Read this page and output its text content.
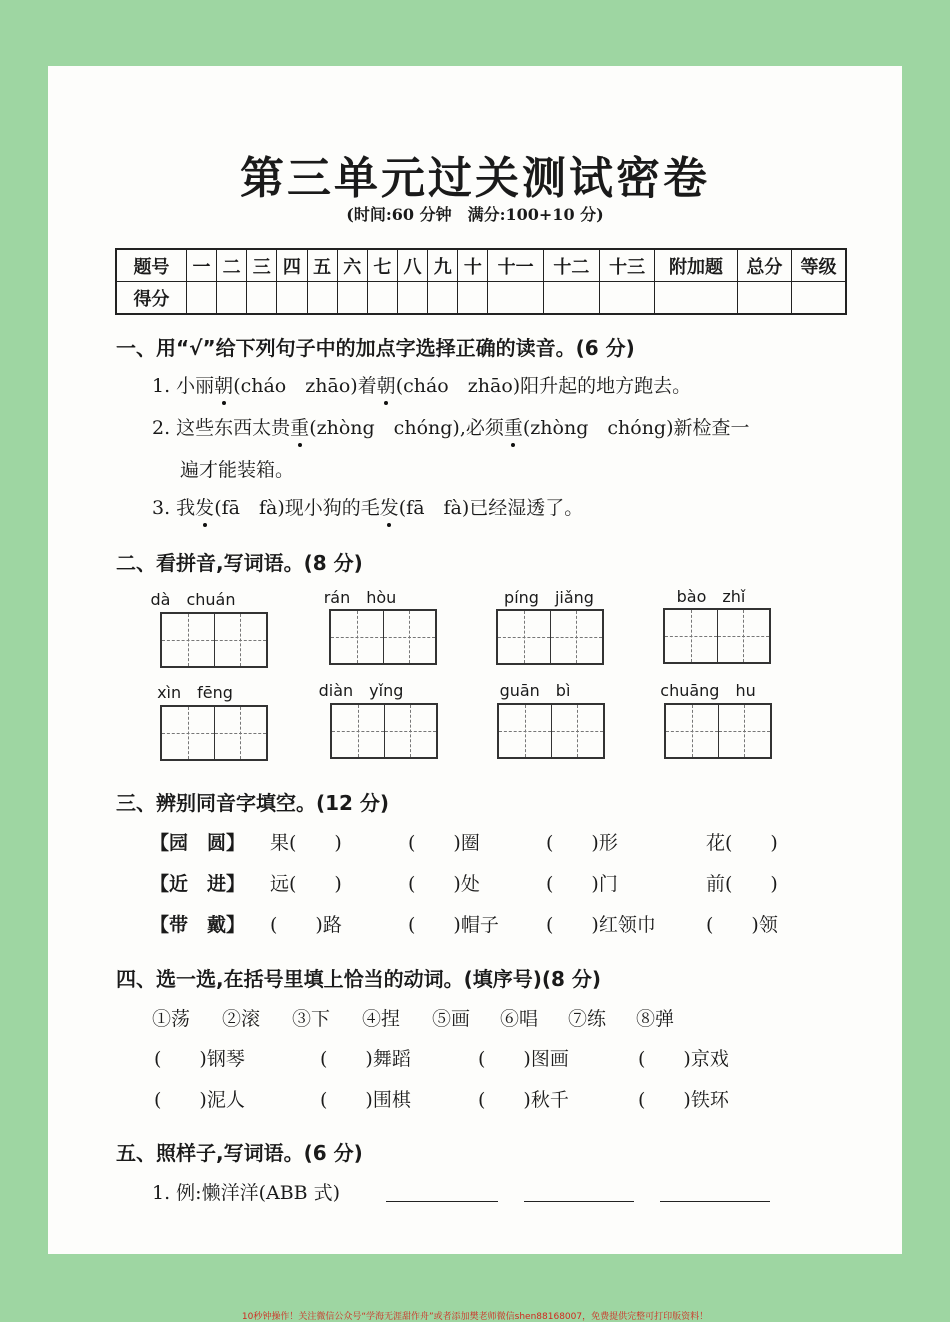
第三单元过关测试密卷
(时间:60 分钟　满分:100+10 分)
题号	一	二	三	四	五	六	七	八	九	十	十一	十二	十三	附加题	总分	等级
得分																
一、用“√”给下列句子中的加点字选择正确的读音。(6 分)
1. 小丽朝(cháo　zhāo)着朝(cháo　zhāo)阳升起的地方跑去。
2. 这些东西太贵重(zhòng　chóng),必须重(zhòng　chóng)新检查一
遍才能装箱。
3. 我发(fā　fà)现小狗的毛发(fā　fà)已经湿透了。
二、看拼音,写词语。(8 分)
dà　chuán	rán　hòu	píng　jiǎng	bào　zhǐ
xìn　fēng	diàn　yǐng	guān　bì	chuāng　hu
三、辨别同音字填空。(12 分)
【园　圆】 果(　　)	(　　)圈	(　　)形	花(　　)
【近　进】 远(　　)	(　　)处	(　　)门	前(　　)
【带　戴】 (　　)路	(　　)帽子 (　　)红领巾	(　　)领
四、选一选,在括号里填上恰当的动词。(填序号)(8 分)
①荡 ②滚 ③下 ④捏 ⑤画 ⑥唱 ⑦练 ⑧弹
(　　)钢琴	(　　)舞蹈	(　　)图画	(　　)京戏
(　　)泥人	(　　)围棋	(　　)秋千	(　　)铁环
五、照样子,写词语。(6 分)
1. 例:懒洋洋(ABB 式)
10秒钟操作！关注微信公众号“学海无涯甜作舟”或者添加樊老师微信shen88168007，免费提供完整可打印版资料！
